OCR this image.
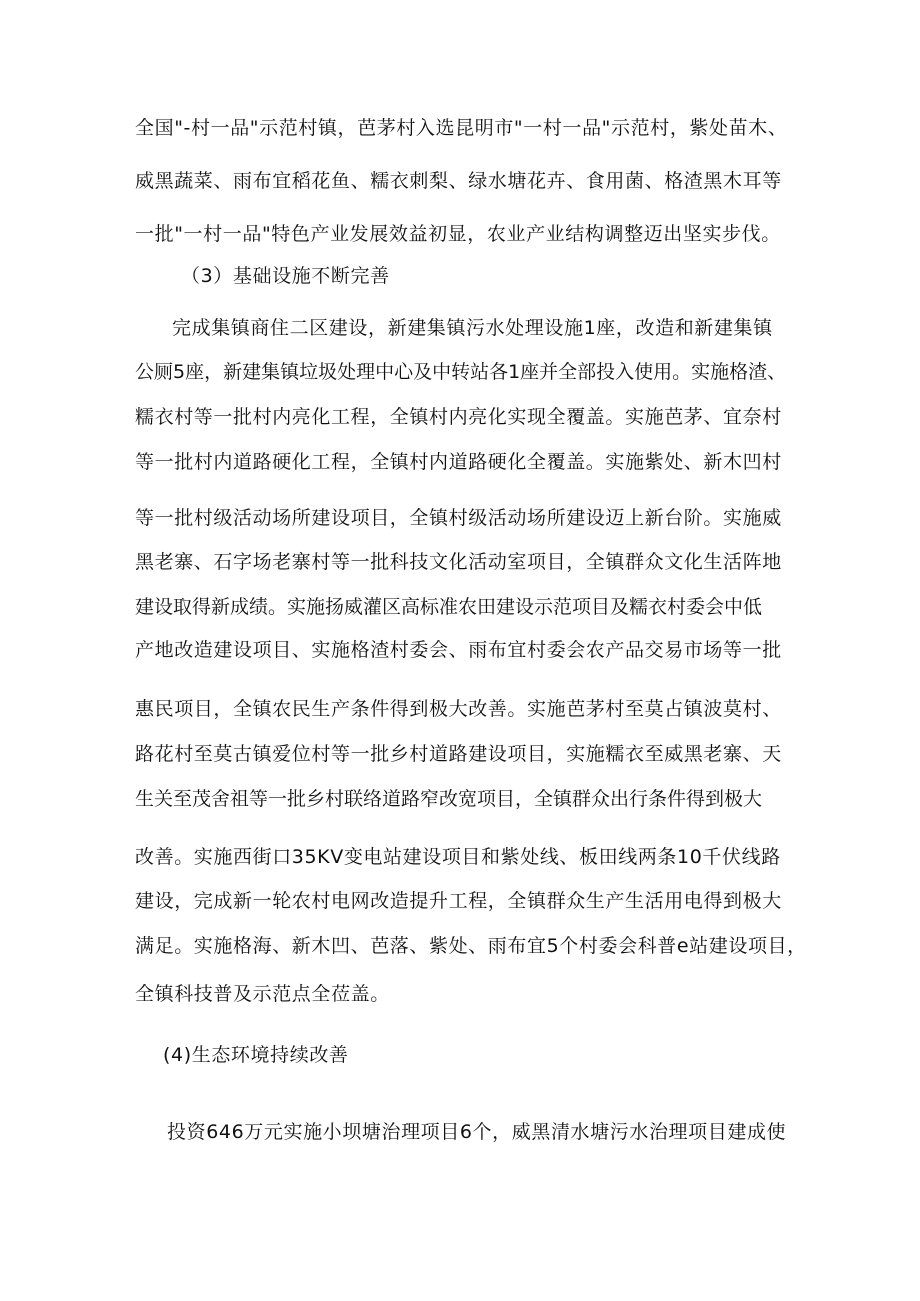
全国"-村一品"示范村镇，芭茅村入选昆明市"一村一品"示范村，紫处苗木、
威黑蔬菜、雨布宜稻花鱼、糯衣刺梨、绿水塘花卉、食用菌、格渣黑木耳等
一批"一村一品"特色产业发展效益初显，农业产业结构调整迈出坚实步伐。
（3）基础设施不断完善
完成集镇商住二区建设，新建集镇污水处理设施1座，改造和新建集镇
公厕5座，新建集镇垃圾处理中心及中转站各1座并全部投入使用。实施格渣、
糯衣村等一批村内亮化工程，全镇村内亮化实现全覆盖。实施芭茅、宜奈村
等一批村内道路硬化工程，全镇村内道路硬化全覆盖。实施紫处、新木凹村
等一批村级活动场所建设项目，全镇村级活动场所建设迈上新台阶。实施威
黑老寨、石字场老寨村等一批科技文化活动室项目，全镇群众文化生活阵地
建设取得新成绩。实施扬威灌区高标准农田建设示范项目及糯衣村委会中低
产地改造建设项目、实施格渣村委会、雨布宜村委会农产品交易市场等一批
惠民项目，全镇农民生产条件得到极大改善。实施芭茅村至莫占镇波莫村、
路花村至莫古镇爱位村等一批乡村道路建设项目，实施糯衣至威黑老寨、天
生关至茂舍祖等一批乡村联络道路窄改宽项目，全镇群众出行条件得到极大
改善。实施西街口35KV变电站建设项目和紫处线、板田线两条10千伏线路
建设，完成新一轮农村电网改造提升工程，全镇群众生产生活用电得到极大
满足。实施格海、新木凹、芭落、紫处、雨布宜5个村委会科普e站建设项目，
全镇科技普及示范点全莅盖。
(4)生态环境持续改善
投资646万元实施小坝塘治理项目6个，威黑清水塘污水治理项目建成使
